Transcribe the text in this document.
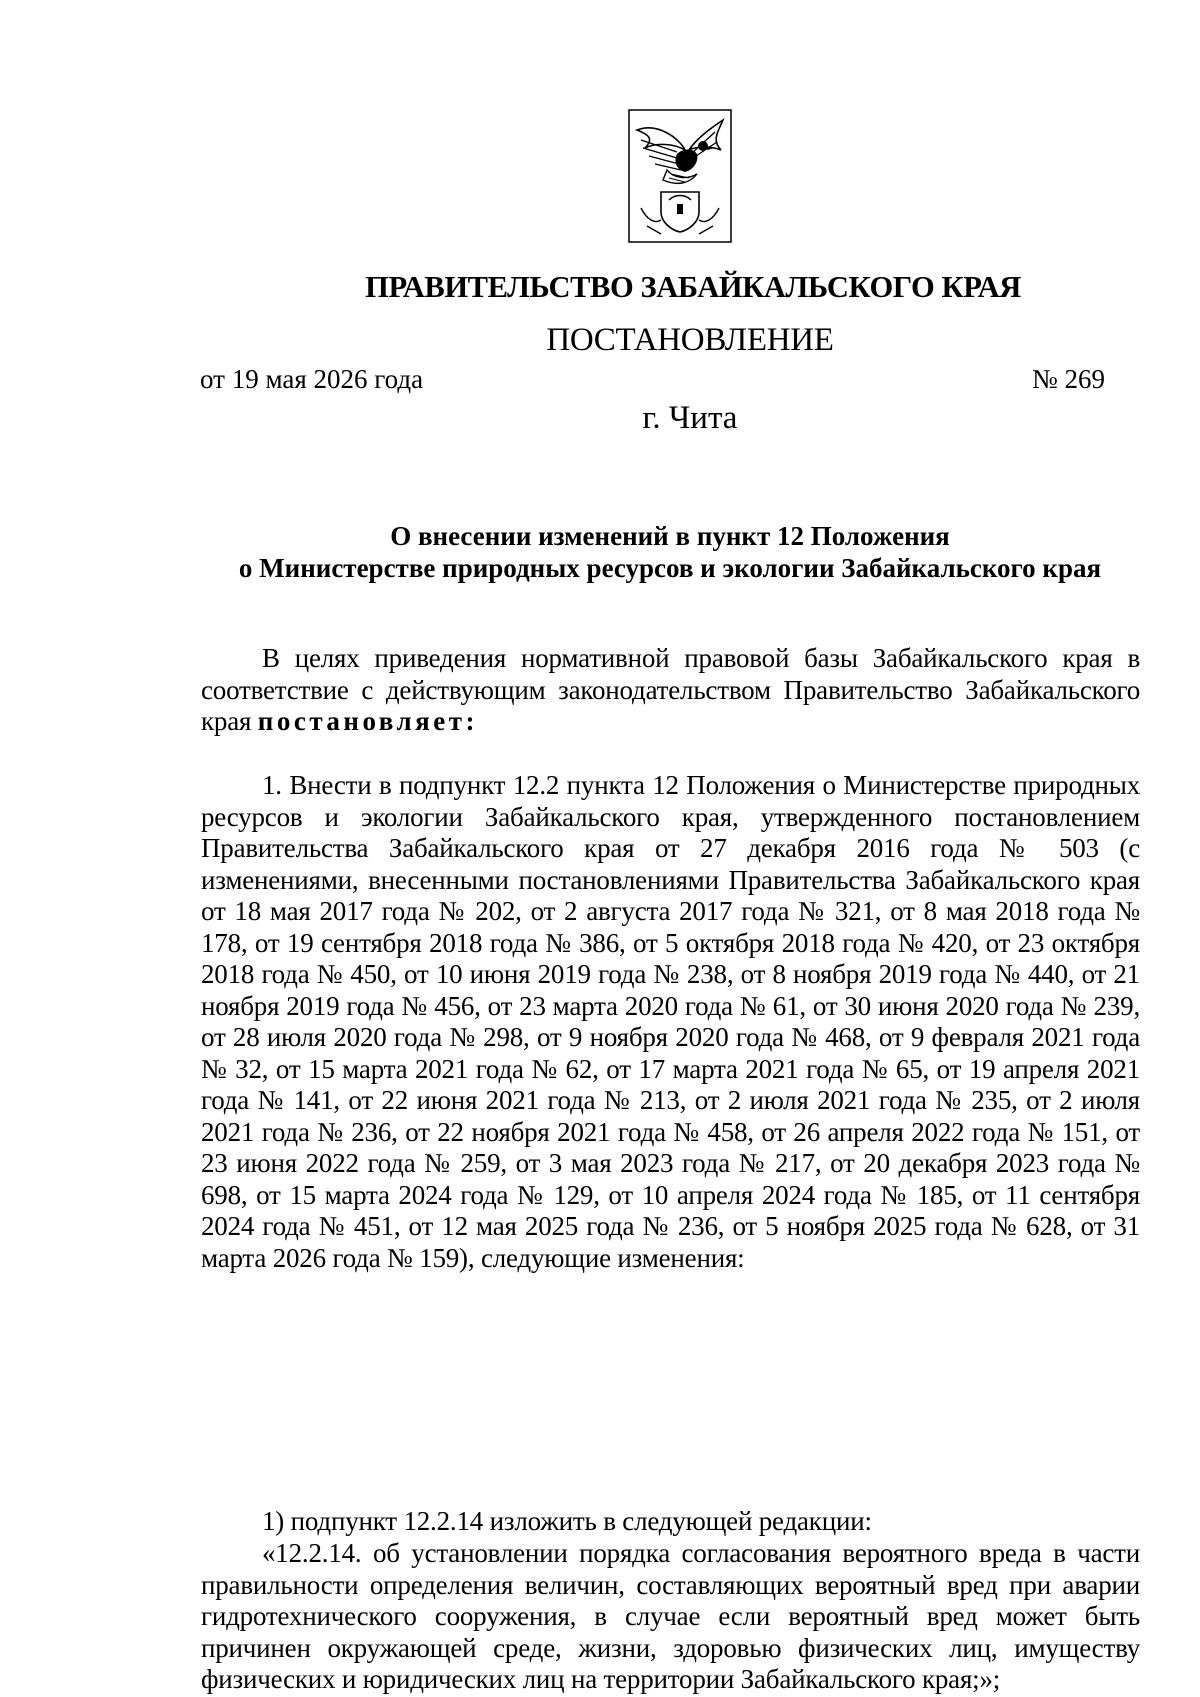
ПРАВИТЕЛЬСТВО ЗАБАЙКАЛЬСКОГО КРАЯ
ПОСТАНОВЛЕНИЕ
от 19 мая 2026 года	№ 269
г. Чита
О внесении изменений в пункт 12 Положения
о Министерстве природных ресурсов и экологии Забайкальского края
В целях приведения нормативной правовой базы Забайкальского края в соответствие с действующим законодательством Правительство Забайкальского края постановляет:
1. Внести в подпункт 12.2 пункта 12 Положения о Министерстве природных ресурсов и экологии Забайкальского края, утвержденного постановлением Правительства Забайкальского края от 27 декабря 2016 года № 503 (с изменениями, внесенными постановлениями Правительства Забайкальского края от 18 мая 2017 года № 202, от 2 августа 2017 года № 321, от 8 мая 2018 года № 178, от 19 сентября 2018 года № 386, от 5 октября 2018 года № 420, от 23 октября 2018 года № 450, от 10 июня 2019 года № 238, от 8 ноября 2019 года № 440, от 21 ноября 2019 года № 456, от 23 марта 2020 года № 61, от 30 июня 2020 года № 239, от 28 июля 2020 года № 298, от 9 ноября 2020 года № 468, от 9 февраля 2021 года № 32, от 15 марта 2021 года № 62, от 17 марта 2021 года № 65, от 19 апреля 2021 года № 141, от 22 июня 2021 года № 213, от 2 июля 2021 года № 235, от 2 июля 2021 года № 236, от 22 ноября 2021 года № 458, от 26 апреля 2022 года № 151, от 23 июня 2022 года № 259, от 3 мая 2023 года № 217, от 20 декабря 2023 года № 698, от 15 марта 2024 года № 129, от 10 апреля 2024 года № 185, от 11 сентября 2024 года № 451, от 12 мая 2025 года № 236, от 5 ноября 2025 года № 628, от 31 марта 2026 года № 159), следующие изменения:
1) подпункт 12.2.14 изложить в следующей редакции:
«12.2.14. об установлении порядка согласования вероятного вреда в части правильности определения величин, составляющих вероятный вред при аварии гидротехнического сооружения, в случае если вероятный вред может быть причинен окружающей среде, жизни, здоровью физических лиц, имуществу физических и юридических лиц на территории Забайкальского края;»;
